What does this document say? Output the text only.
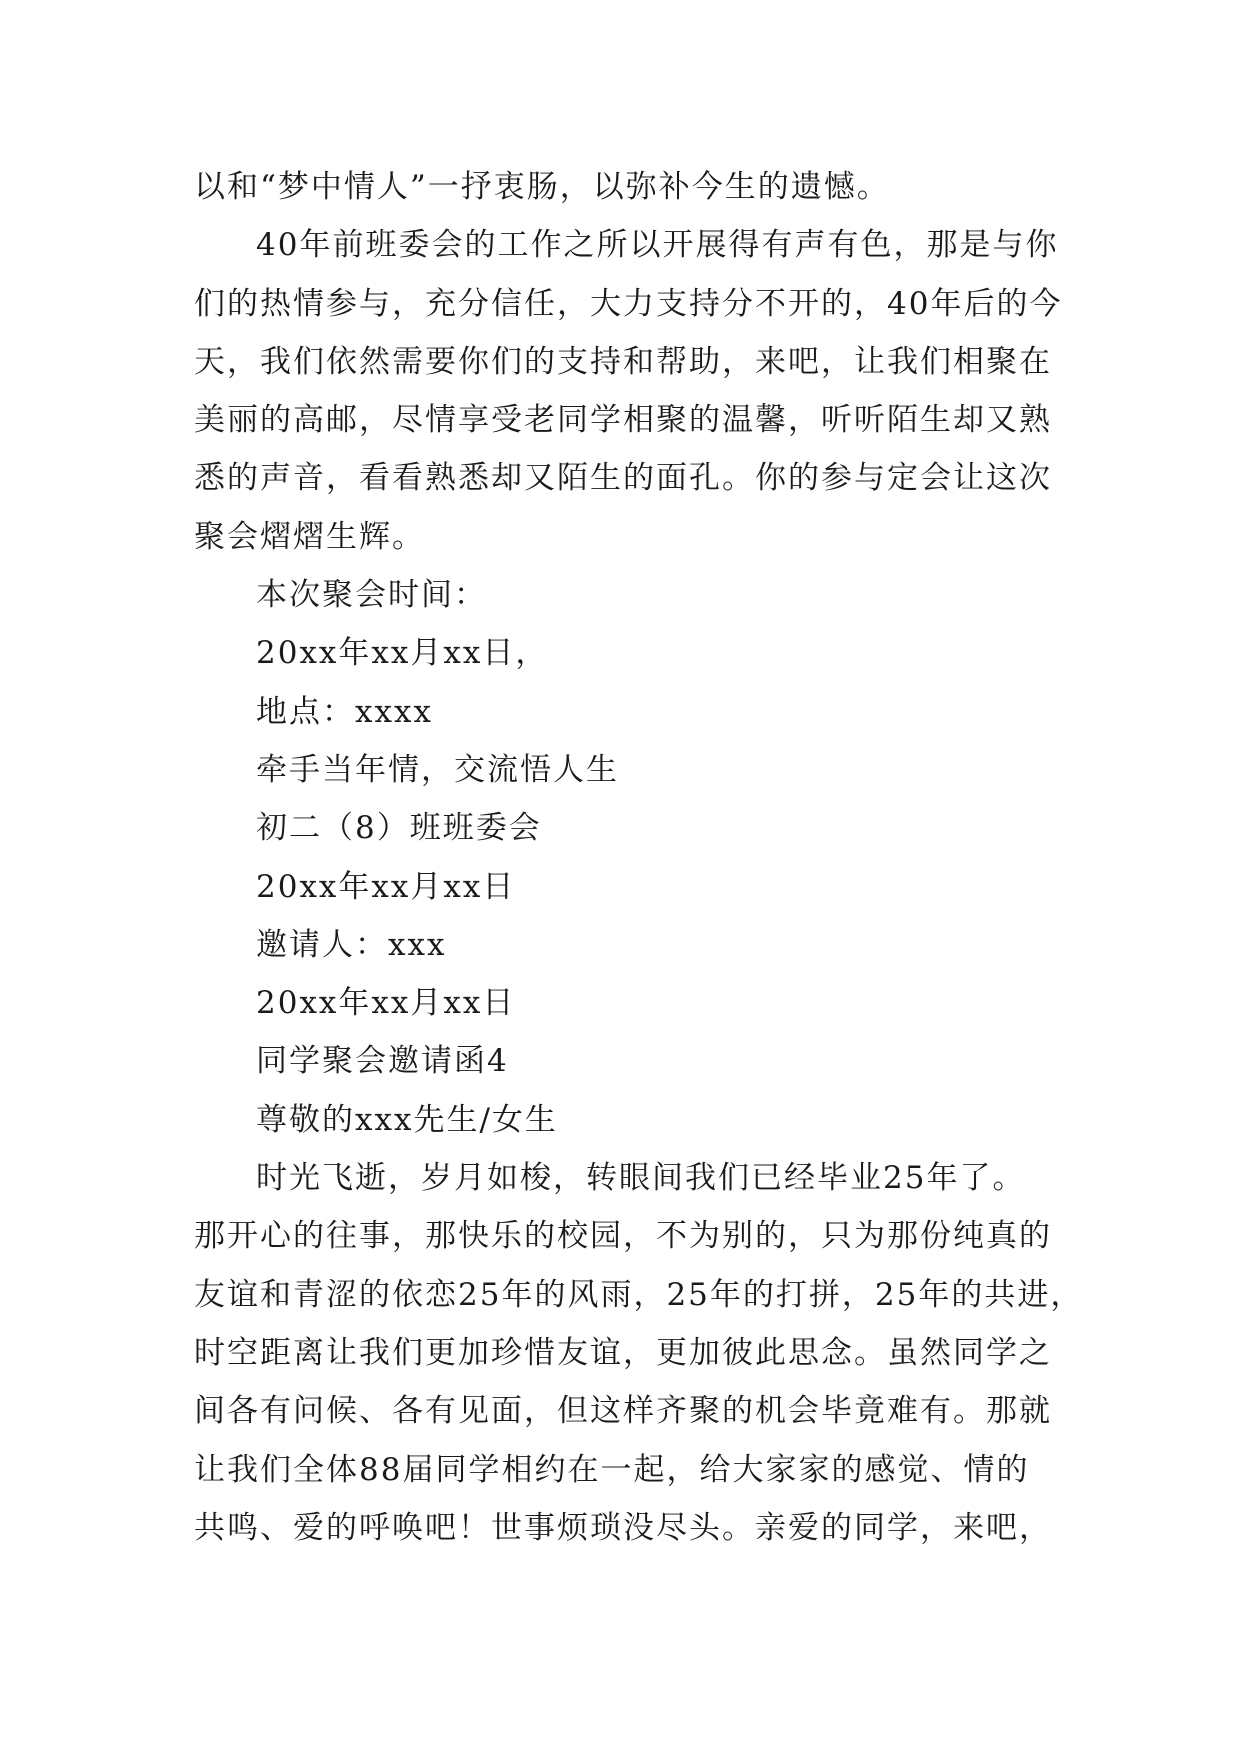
以和“梦中情人”一抒衷肠，以弥补今生的遗憾。
40年前班委会的工作之所以开展得有声有色，那是与你
们的热情参与，充分信任，大力支持分不开的，40年后的今
天，我们依然需要你们的支持和帮助，来吧，让我们相聚在
美丽的高邮，尽情享受老同学相聚的温馨，听听陌生却又熟
悉的声音，看看熟悉却又陌生的面孔。你的参与定会让这次
聚会熠熠生辉。
本次聚会时间：
20xx年xx月xx日，
地点：xxxx
牵手当年情，交流悟人生
初二（8）班班委会
20xx年xx月xx日
邀请人：xxx
20xx年xx月xx日
同学聚会邀请函4
尊敬的xxx先生/女生
时光飞逝，岁月如梭，转眼间我们已经毕业25年了。
那开心的往事，那快乐的校园，不为别的，只为那份纯真的
友谊和青涩的依恋25年的风雨，25年的打拼，25年的共进，
时空距离让我们更加珍惜友谊，更加彼此思念。虽然同学之
间各有问候、各有见面，但这样齐聚的机会毕竟难有。那就
让我们全体88届同学相约在一起，给大家家的感觉、情的
共鸣、爱的呼唤吧！世事烦琐没尽头。亲爱的同学，来吧，
